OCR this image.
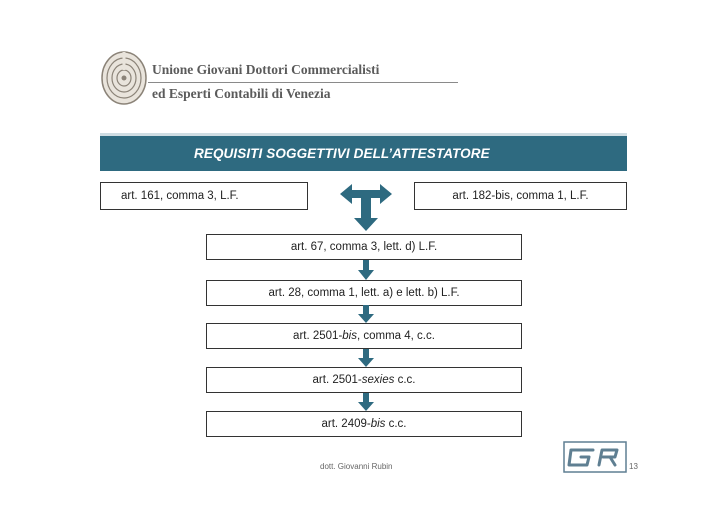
Unione Giovani Dottori Commercialisti
ed Esperti Contabili di Venezia
REQUISITI SOGGETTIVI DELL’ATTESTATORE
art. 161, comma 3, L.F.	art. 182-bis, comma 1, L.F.
art. 67, comma 3, lett. d) L.F.
art. 28, comma 1, lett. a) e lett. b) L.F.
art. 2501-bis, comma 4, c.c.
art. 2501-sexies c.c.
art. 2409-bis c.c.
dott. Giovanni Rubin	13
